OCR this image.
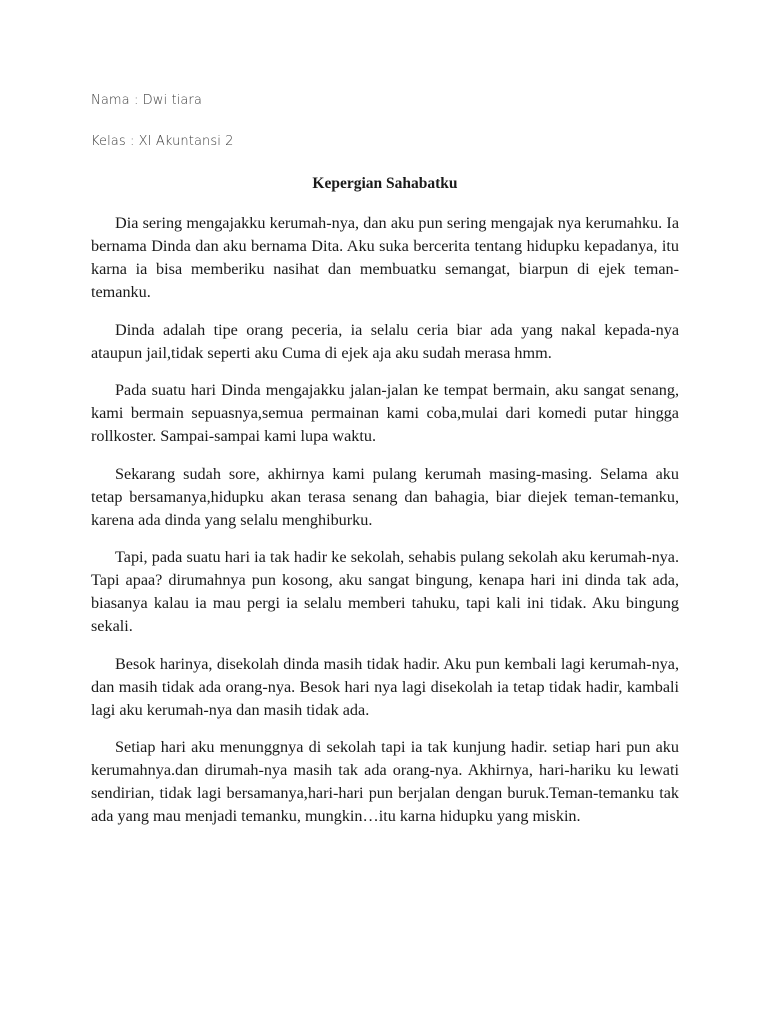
Nama : Dwi tiara

Kelas : XI Akuntansi 2

Kepergian Sahabatku

Dia sering mengajakku kerumah-nya, dan aku pun sering mengajak nya kerumahku. Ia bernama Dinda dan aku bernama Dita. Aku suka bercerita tentang hidupku kepadanya, itu karna ia bisa memberiku nasihat dan membuatku semangat, biarpun di ejek teman-temanku.

Dinda adalah tipe orang peceria, ia selalu ceria biar ada yang nakal kepada-nya ataupun jail,tidak seperti aku Cuma di ejek aja aku sudah merasa hmm.

Pada suatu hari Dinda mengajakku jalan-jalan ke tempat bermain, aku sangat senang, kami bermain sepuasnya,semua permainan kami coba,mulai dari komedi putar hingga rollkoster. Sampai-sampai kami lupa waktu.

Sekarang sudah sore, akhirnya kami pulang kerumah masing-masing. Selama aku tetap bersamanya,hidupku akan terasa senang dan bahagia, biar diejek teman-temanku, karena ada dinda yang selalu menghiburku.

Tapi, pada suatu hari ia tak hadir ke sekolah, sehabis pulang sekolah aku kerumah-nya. Tapi apaa? dirumahnya pun kosong, aku sangat bingung, kenapa hari ini dinda tak ada, biasanya kalau ia mau pergi ia selalu memberi tahuku, tapi kali ini tidak. Aku bingung sekali.

Besok harinya, disekolah dinda masih tidak hadir. Aku pun kembali lagi kerumah-nya, dan masih tidak ada orang-nya. Besok hari nya lagi disekolah ia tetap tidak hadir, kambali lagi aku kerumah-nya dan masih tidak ada.

Setiap hari aku menunggnya di sekolah tapi ia tak kunjung hadir. setiap hari pun aku kerumahnya.dan dirumah-nya masih tak ada orang-nya. Akhirnya, hari-hariku ku lewati sendirian, tidak lagi bersamanya,hari-hari pun berjalan dengan buruk.Teman-temanku tak ada yang mau menjadi temanku, mungkin…itu karna hidupku yang miskin.
